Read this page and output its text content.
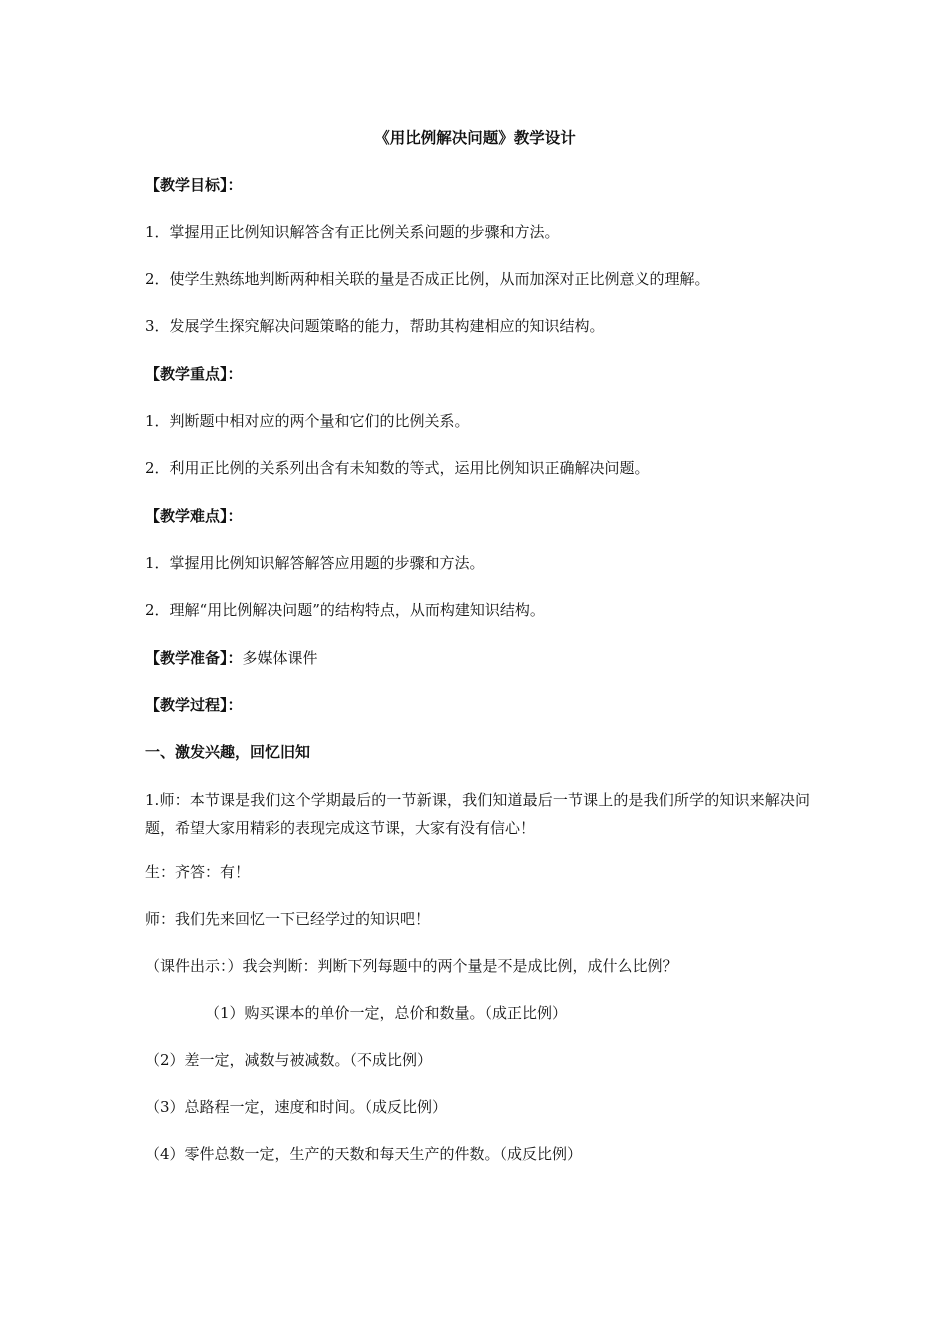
《用比例解决问题》教学设计
【教学目标】：
1．掌握用正比例知识解答含有正比例关系问题的步骤和方法。
2．使学生熟练地判断两种相关联的量是否成正比例，从而加深对正比例意义的理解。
3．发展学生探究解决问题策略的能力，帮助其构建相应的知识结构。
【教学重点】：
1．判断题中相对应的两个量和它们的比例关系。
2．利用正比例的关系列出含有未知数的等式，运用比例知识正确解决问题。
【教学难点】：
1．掌握用比例知识解答解答应用题的步骤和方法。
2．理解“用比例解决问题”的结构特点，从而构建知识结构。
【教学准备】：多媒体课件
【教学过程】：
一、激发兴趣，回忆旧知
1.师：本节课是我们这个学期最后的一节新课，我们知道最后一节课上的是我们所学的知识来解决问题，希望大家用精彩的表现完成这节课，大家有没有信心！
生：齐答：有！
师：我们先来回忆一下已经学过的知识吧！
（课件出示：）我会判断：判断下列每题中的两个量是不是成比例，成什么比例？
（1）购买课本的单价一定，总价和数量。（成正比例）
（2）差一定，减数与被减数。（不成比例）
（3）总路程一定，速度和时间。（成反比例）
（4）零件总数一定，生产的天数和每天生产的件数。（成反比例）
